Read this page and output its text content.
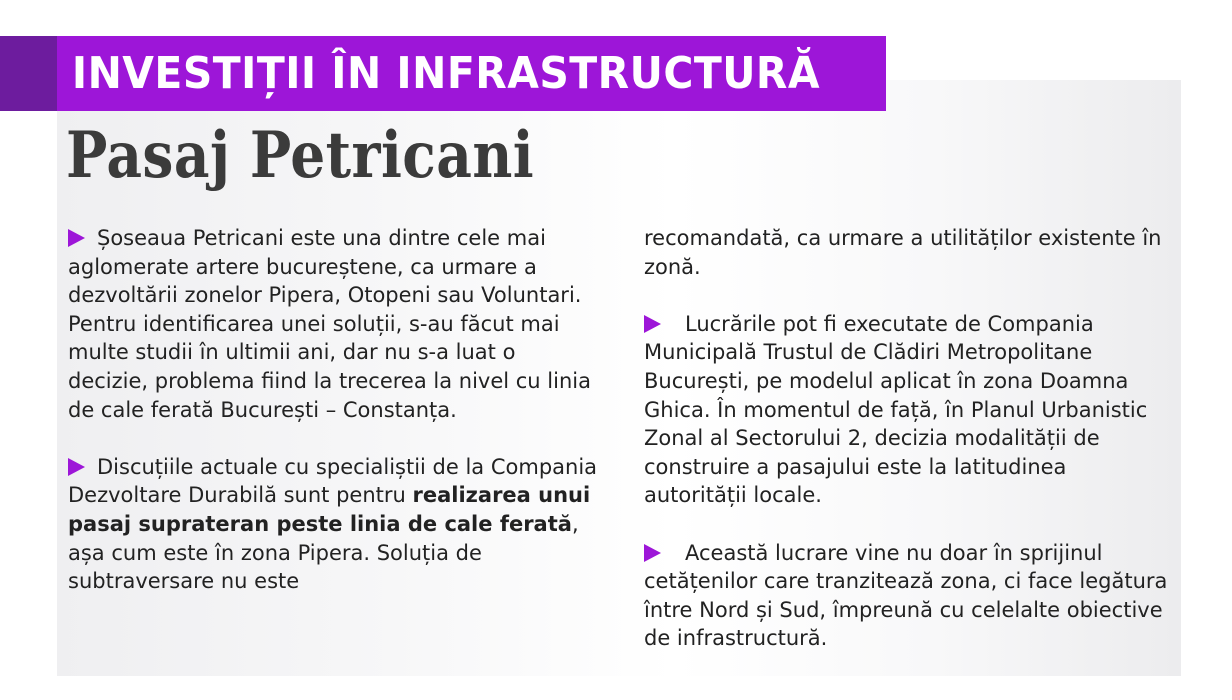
INVESTIȚII ÎN INFRASTRUCTURĂ
Pasaj Petricani

Șoseaua Petricani este una dintre cele mai aglomerate artere bucureștene, ca urmare a dezvoltării zonelor Pipera, Otopeni sau Voluntari. Pentru identificarea unei soluții, s-au făcut mai multe studii în ultimii ani, dar nu s-a luat o decizie, problema fiind la trecerea la nivel cu linia de cale ferată București – Constanța.

Discuțiile actuale cu specialiștii de la Compania Dezvoltare Durabilă sunt pentru realizarea unui pasaj suprateran peste linia de cale ferată, așa cum este în zona Pipera. Soluția de subtraversare nu este

recomandată, ca urmare a utilităților existente în zonă.

Lucrările pot fi executate de Compania Municipală Trustul de Clădiri Metropolitane București, pe modelul aplicat în zona Doamna Ghica. În momentul de față, în Planul Urbanistic Zonal al Sectorului 2, decizia modalității de construire a pasajului este la latitudinea autorității locale.

Această lucrare vine nu doar în sprijinul cetățenilor care tranzitează zona, ci face legătura între Nord și Sud, împreună cu celelalte obiective de infrastructură.
